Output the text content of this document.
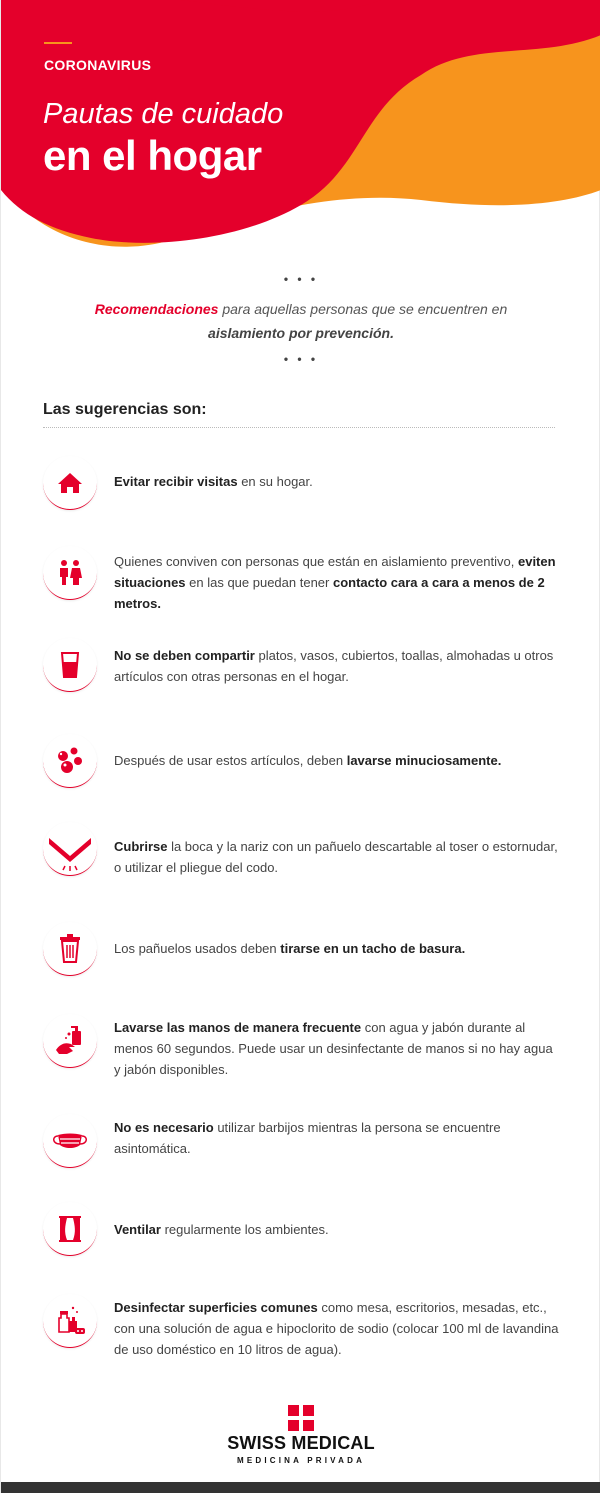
CORONAVIRUS
Pautas de cuidado
en el hogar
• • •
Recomendaciones para aquellas personas que se encuentren en
aislamiento por prevención.
• • •
Las sugerencias son:
Evitar recibir visitas en su hogar.
Quienes conviven con personas que están en aislamiento preventivo, eviten situaciones en las que puedan tener contacto cara a cara a menos de 2 metros.
No se deben compartir platos, vasos, cubiertos, toallas, almohadas u otros artículos con otras personas en el hogar.
Después de usar estos artículos, deben lavarse minuciosamente.
Cubrirse la boca y la nariz con un pañuelo descartable al toser o estornudar, o utilizar el pliegue del codo.
Los pañuelos usados deben tirarse en un tacho de basura.
Lavarse las manos de manera frecuente con agua y jabón durante al menos 60 segundos. Puede usar un desinfectante de manos si no hay agua y jabón disponibles.
No es necesario utilizar barbijos mientras la persona se encuentre asintomática.
Ventilar regularmente los ambientes.
Desinfectar superficies comunes como mesa, escritorios, mesadas, etc., con una solución de agua e hipoclorito de sodio (colocar 100 ml de lavandina de uso doméstico en 10 litros de agua).
SWISS MEDICAL
MEDICINA PRIVADA
